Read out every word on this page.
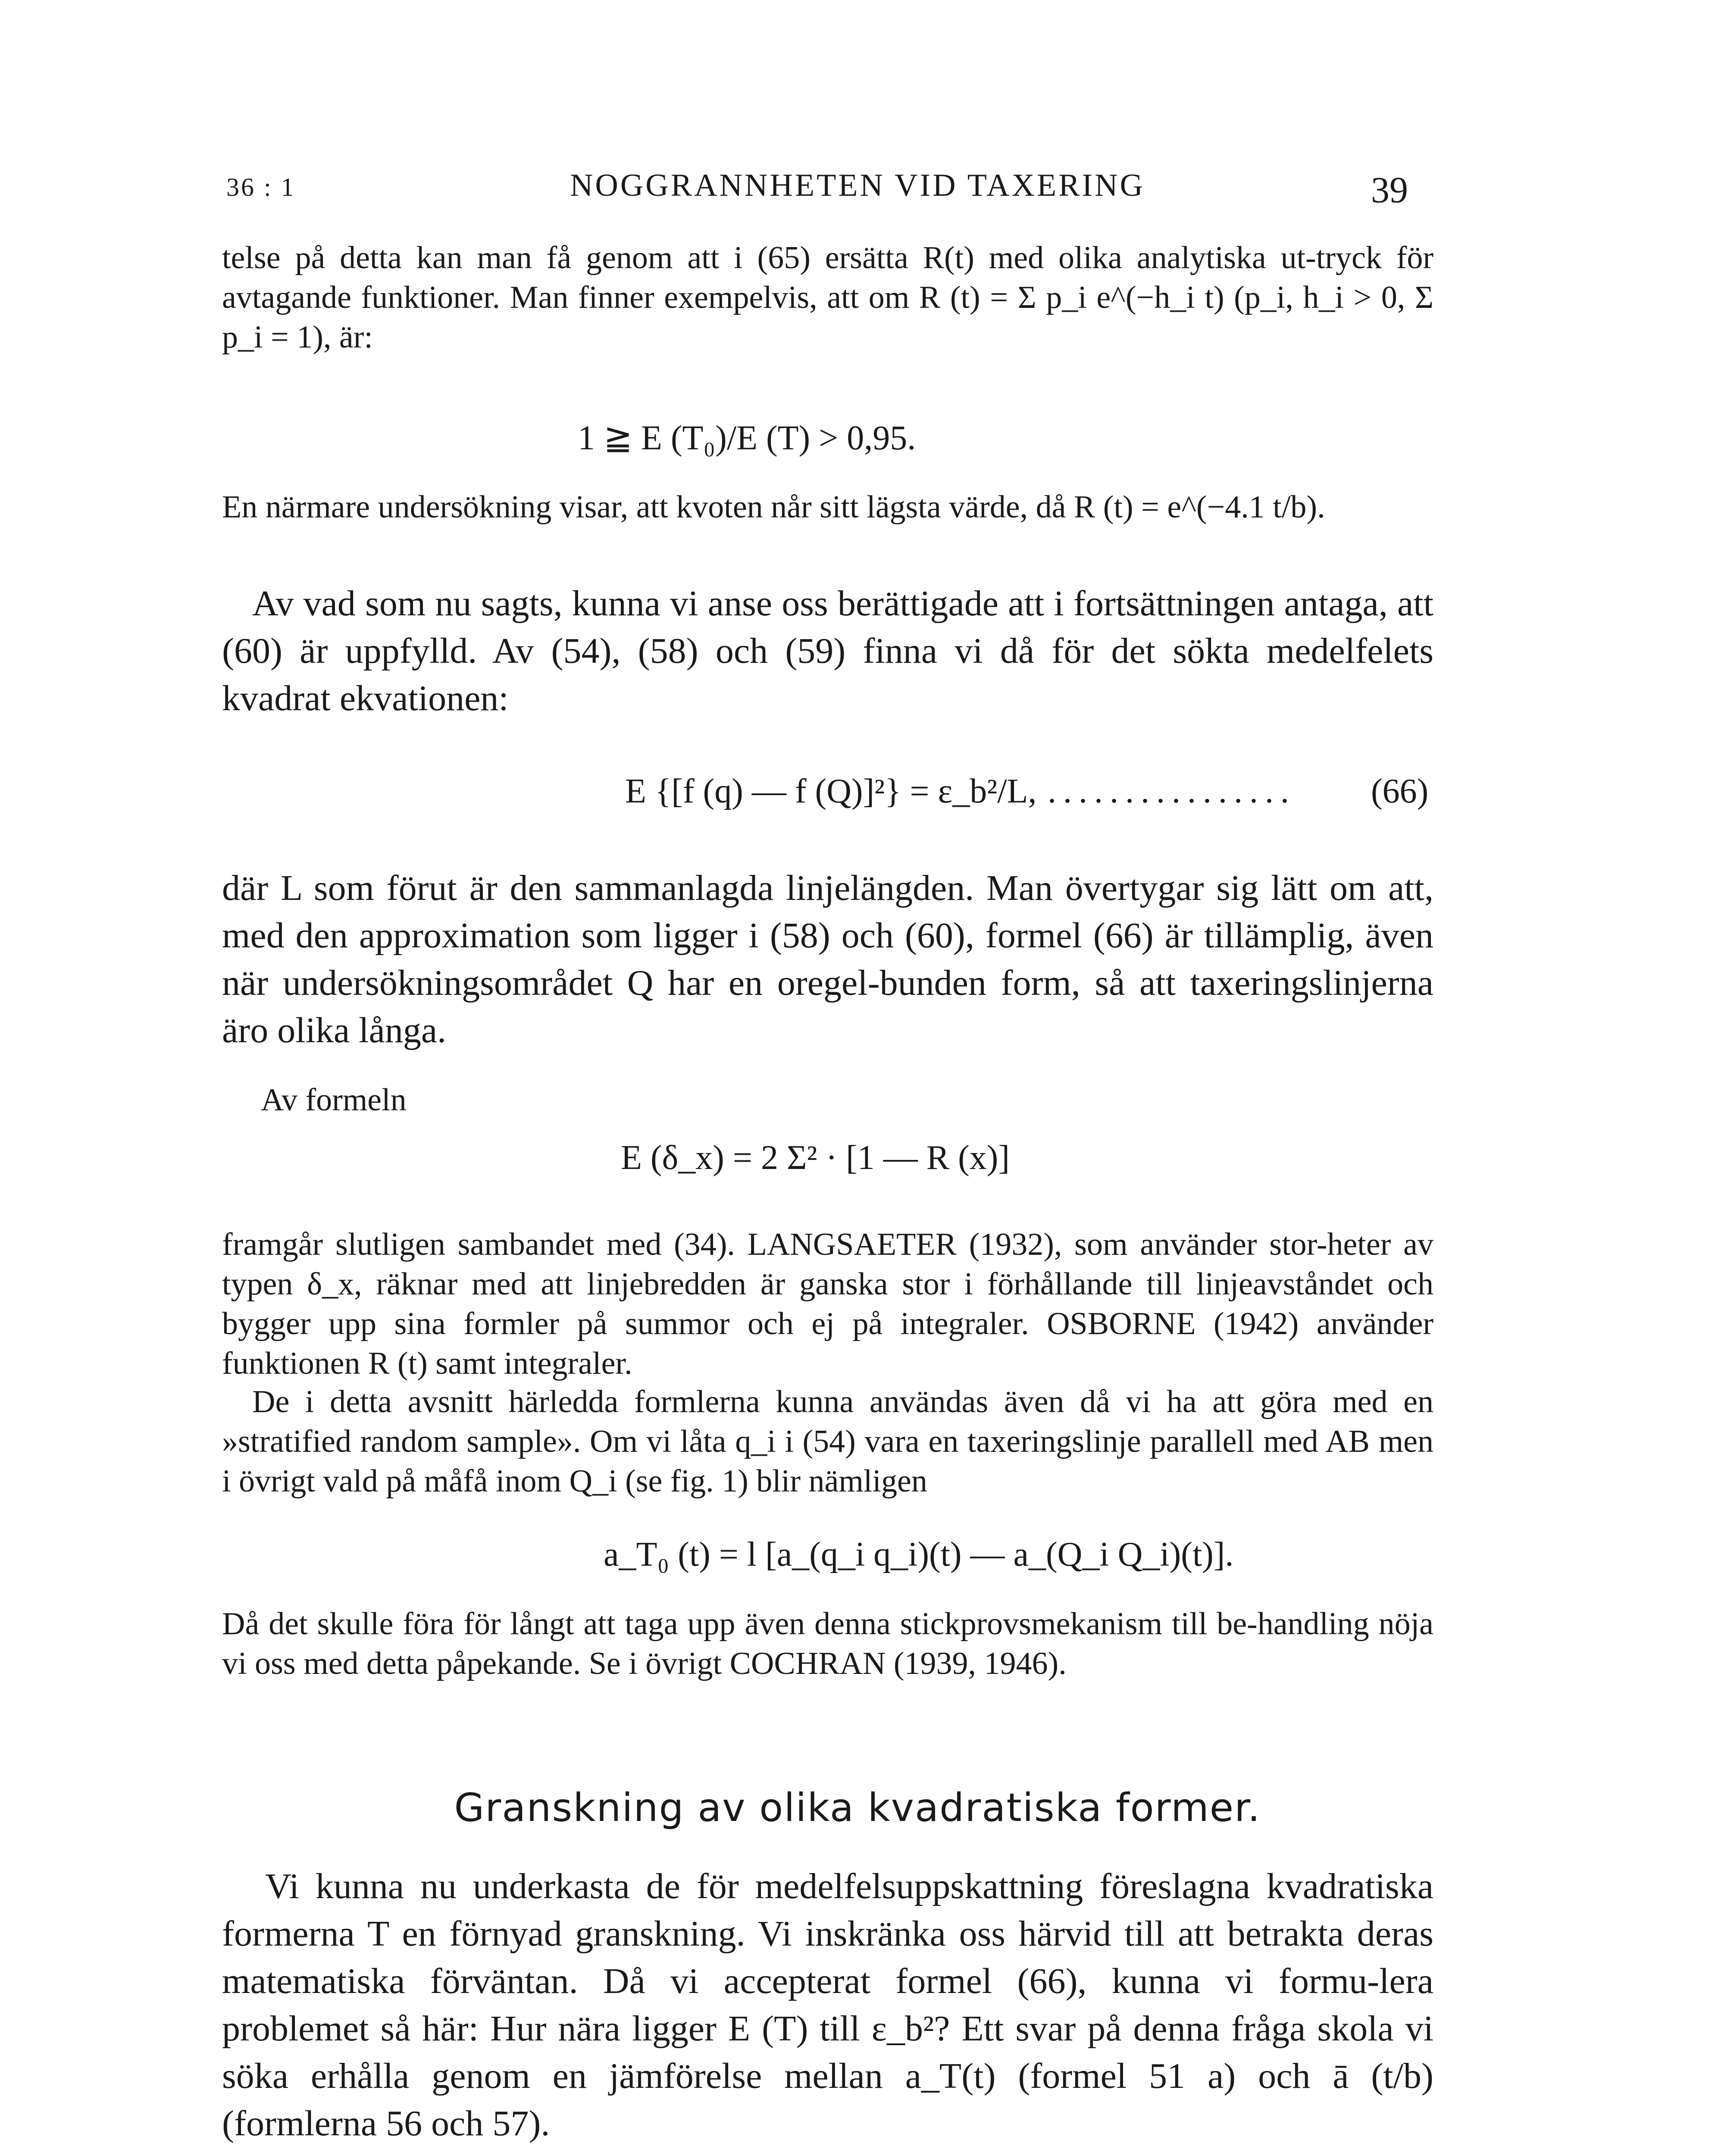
36 : 1	NOGGRANNHETEN VID TAXERING	39

telse på detta kan man få genom att i (65) ersätta R(t) med olika analytiska ut-tryck för avtagande funktioner. Man finner exempelvis, att om R (t) = Σ p_i e^(−h_i t) (p_i, h_i > 0, Σ p_i = 1), är:

1 ≧ E (T₀)/E (T) > 0,95.

En närmare undersökning visar, att kvoten når sitt lägsta värde, då R (t) = e^(−4.1 t/b).

Av vad som nu sagts, kunna vi anse oss berättigade att i fortsättningen antaga, att (60) är uppfylld. Av (54), (58) och (59) finna vi då för det sökta medelfelets kvadrat ekvationen:

E {[f (q) — f (Q)]²} = ε_b²/L, ................ (66)

där L som förut är den sammanlagda linjelängden. Man övertygar sig lätt om att, med den approximation som ligger i (58) och (60), formel (66) är tillämplig, även när undersökningsområdet Q har en oregel-bunden form, så att taxeringslinjerna äro olika långa.

Av formeln

E (δ_x) = 2 Σ² · [1 — R (x)]

framgår slutligen sambandet med (34). LANGSAETER (1932), som använder stor-heter av typen δ_x, räknar med att linjebredden är ganska stor i förhållande till linjeavståndet och bygger upp sina formler på summor och ej på integraler. OSBORNE (1942) använder funktionen R (t) samt integraler.

De i detta avsnitt härledda formlerna kunna användas även då vi ha att göra med en »stratified random sample». Om vi låta q_i i (54) vara en taxeringslinje parallell med AB men i övrigt vald på måfå inom Q_i (se fig. 1) blir nämligen

a_T₀ (t) = l [a_(q_i q_i)(t) — a_(Q_i Q_i)(t)].

Då det skulle föra för långt att taga upp även denna stickprovsmekanism till be-handling nöja vi oss med detta påpekande. Se i övrigt COCHRAN (1939, 1946).

Granskning av olika kvadratiska former.

Vi kunna nu underkasta de för medelfelsuppskattning föreslagna kvadratiska formerna T en förnyad granskning. Vi inskränka oss härvid till att betrakta deras matematiska förväntan. Då vi accepterat formel (66), kunna vi formu-lera problemet så här: Hur nära ligger E (T) till ε_b²? Ett svar på denna fråga skola vi söka erhålla genom en jämförelse mellan a_T(t) (formel 51 a) och ā (t/b) (formlerna 56 och 57).
